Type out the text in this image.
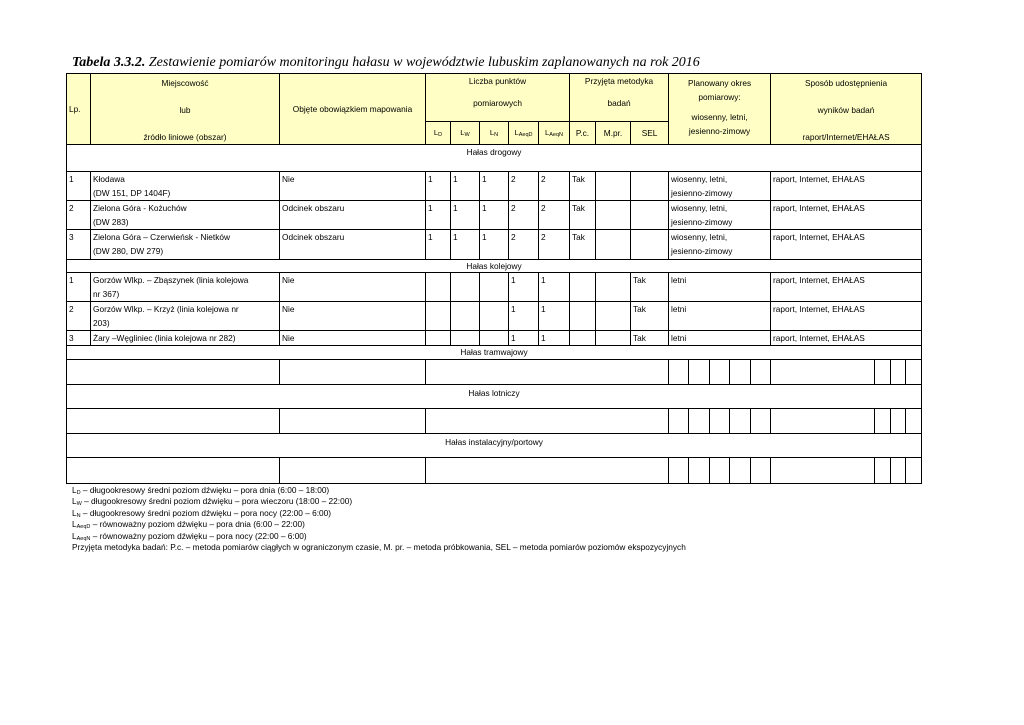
Tabela 3.3.2. Zestawienie pomiarów monitoringu hałasu w województwie lubuskim zaplanowanych na rok 2016
Lp.	Miejscowość
lub
źródło liniowe (obszar)	Objęte obowiązkiem mapowania	Liczba punktów
pomiarowych					Przyjęta metodyka
badań			Planowany okres
pomiarowy:
wiosenny, letni,
jesienno-zimowy	Sposób udostępnienia
wyników badań
raport/Internet/EHAŁAS

			$L_D$	$L_W$	$L_N$	$L_{AeqD}$	$L_{AeqN}$	P.c.	M.pr.	SEL		
Hałas drogowy												
1	Kłodawa
(DW 151, DP 1404F)	Nie	1	1	1	2	2	Tak			wiosenny, letni,
jesienno-zimowy	raport, Internet, EHAŁAS
2	Zielona Góra - Kożuchów
(DW 283)	Odcinek obszaru	1	1	1	2	2	Tak			wiosenny, letni,
jesienno-zimowy	raport, Internet, EHAŁAS
3	Zielona Góra – Czerwieńsk - Nietków
(DW 280, DW 279)	Odcinek obszaru	1	1	1	2	2	Tak			wiosenny, letni,
jesienno-zimowy	raport, Internet, EHAŁAS
Hałas kolejowy												
1	Gorzów Wlkp. – Zbąszynek (linia kolejowa
nr 367)	Nie				1	1			Tak	letni	raport, Internet, EHAŁAS
2	Gorzów Wlkp. – Krzyż (linia kolejowa nr
203)	Nie				1	1			Tak	letni	raport, Internet, EHAŁAS
3	Żary –Węgliniec (linia kolejowa nr 282)	Nie				1	1			Tak	letni	raport, Internet, EHAŁAS
Hałas tramwajowy												

Hałas lotniczy												

Hałas instalacyjny/portowy												

$L_D$ – długookresowy średni poziom dźwięku – pora dnia (6:00 – 18:00)
$L_W$ – długookresowy średni poziom dźwięku – pora wieczoru (18:00 – 22:00)
$L_N$ – długookresowy średni poziom dźwięku – pora nocy (22:00 – 6:00)
$L_{AeqD}$ – równoważny poziom dźwięku – pora dnia (6:00 – 22:00)
$L_{AeqN}$ – równoważny poziom dźwięku – pora nocy (22:00 – 6:00)
Przyjęta metodyka badań: P.c. – metoda pomiarów ciągłych w ograniczonym czasie, M. pr. – metoda próbkowania, SEL – metoda pomiarów poziomów ekspozycyjnych
